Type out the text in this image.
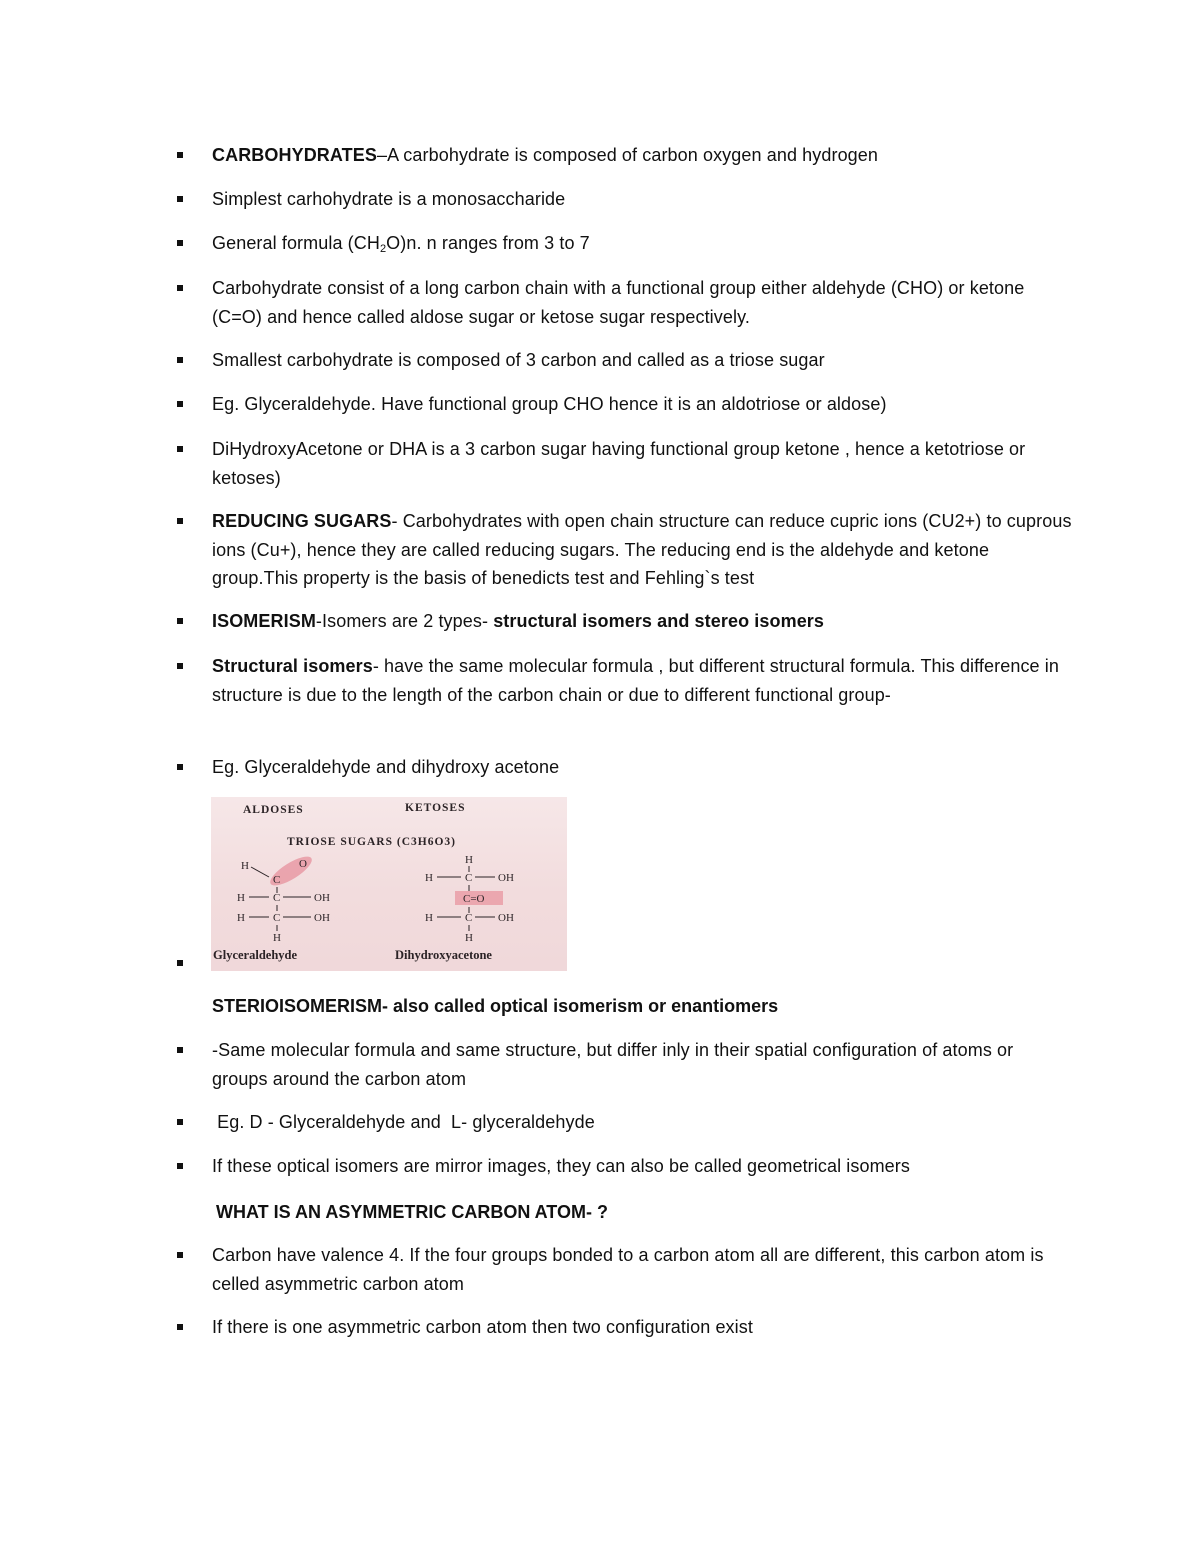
CARBOHYDRATES–A carbohydrate is composed of carbon oxygen and hydrogen
Simplest carhohydrate is a monosaccharide
General formula $(CH_2O)n$. n ranges from 3 to 7
Carbohydrate consist of a long carbon chain with a functional group either aldehyde (CHO) or ketone (C=O) and hence called aldose sugar or ketose sugar respectively.
Smallest carbohydrate is composed of 3 carbon and called as a triose sugar
Eg. Glyceraldehyde. Have functional group CHO hence it is an aldotriose or aldose)
DiHydroxyAcetone or DHA is a 3 carbon sugar having functional group ketone , hence a ketotriose or ketoses)
REDUCING SUGARS- Carbohydrates with open chain structure can reduce cupric ions (CU2+) to cuprous ions (Cu+), hence they are called reducing sugars. The reducing end is the aldehyde and ketone group.This property is the basis of benedicts test and Fehling`s test
ISOMERISM-Isomers are 2 types- structural isomers and stereo isomers
Structural isomers- have the same molecular formula , but different structural formula. This difference in structure is due to the length of the carbon chain or due to different functional group-
Eg. Glyceraldehyde and dihydroxy acetone
ALDOSES	KETOSES
TRIOSE SUGARS (C3H6O3)
H
C
O
H	C	OH
H	C	OH
H
Glyceraldehyde
H
H	C OH
C=O
H	C OH
H
Dihydroxyacetone
STERIOISOMERISM- also called optical isomerism or enantiomers
-Same molecular formula and same structure, but differ inly in their spatial configuration of atoms or groups around the carbon atom
Eg. D - Glyceraldehyde and  L- glyceraldehyde
If these optical isomers are mirror images, they can also be called geometrical isomers
WHAT IS AN ASYMMETRIC CARBON ATOM- ?
Carbon have valence 4. If the four groups bonded to a carbon atom all are different, this carbon atom is celled asymmetric carbon atom
If there is one asymmetric carbon atom then two configuration exist
